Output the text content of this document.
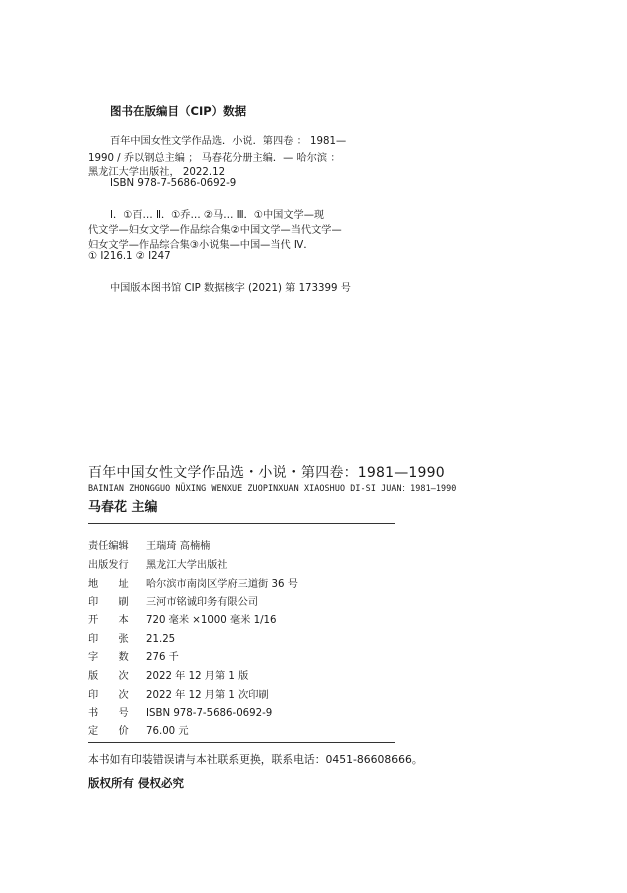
图书在版编目（CIP）数据
百年中国女性文学作品选．小说．第四卷 ： 1981—
1990 / 乔以钢总主编 ； 马春花分册主编．— 哈尔滨 ：
黑龙江大学出版社， 2022.12
ISBN 978-7-5686-0692-9
Ⅰ．①百… Ⅱ．①乔… ②马… Ⅲ．①中国文学—现
代文学—妇女文学—作品综合集②中国文学—当代文学—
妇女文学—作品综合集③小说集—中国—当代 Ⅳ．
① I216.1 ② I247
中国版本图书馆 CIP 数据核字 (2021) 第 173399 号
百年中国女性文学作品选・小说・第四卷：1981—1990
BAINIAN ZHONGGUO NÜXING WENXUE ZUOPINXUAN XIAOSHUO DI-SI JUAN：1981—1990
马春花 主编
责任编辑 王瑞琦 高楠楠
出版发行 黑龙江大学出版社
地　　址 哈尔滨市南岗区学府三道街 36 号
印　　刷 三河市铭诚印务有限公司
开　　本 720 毫米 ×1000 毫米 1/16
印　　张 21.25
字　　数 276 千
版　　次 2022 年 12 月第 1 版
印　　次 2022 年 12 月第 1 次印刷
书　　号 ISBN 978-7-5686-0692-9
定　　价 76.00 元
本书如有印装错误请与本社联系更换，联系电话：0451-86608666。
版权所有 侵权必究
